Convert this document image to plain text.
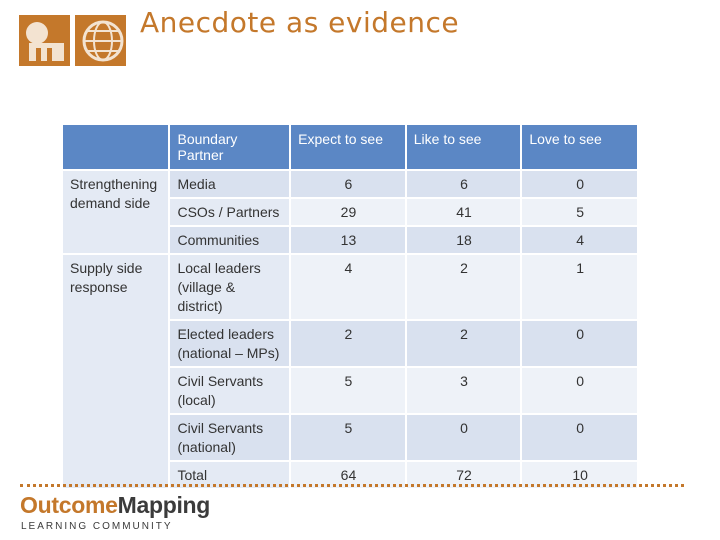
Anecdote as evidence
	Boundary Partner	Expect to see	Like to see	Love to see
Strengthening demand side	Media	6	6	0
	CSOs / Partners	29	41	5
	Communities	13	18	4
Supply side response	Local leaders (village & district)	4	2	1
	Elected leaders (national – MPs)	2	2	0
	Civil Servants (local)	5	3	0
	Civil Servants (national)	5	0	0
	Total	64	72	10
OutcomeMapping
LEARNING COMMUNITY
